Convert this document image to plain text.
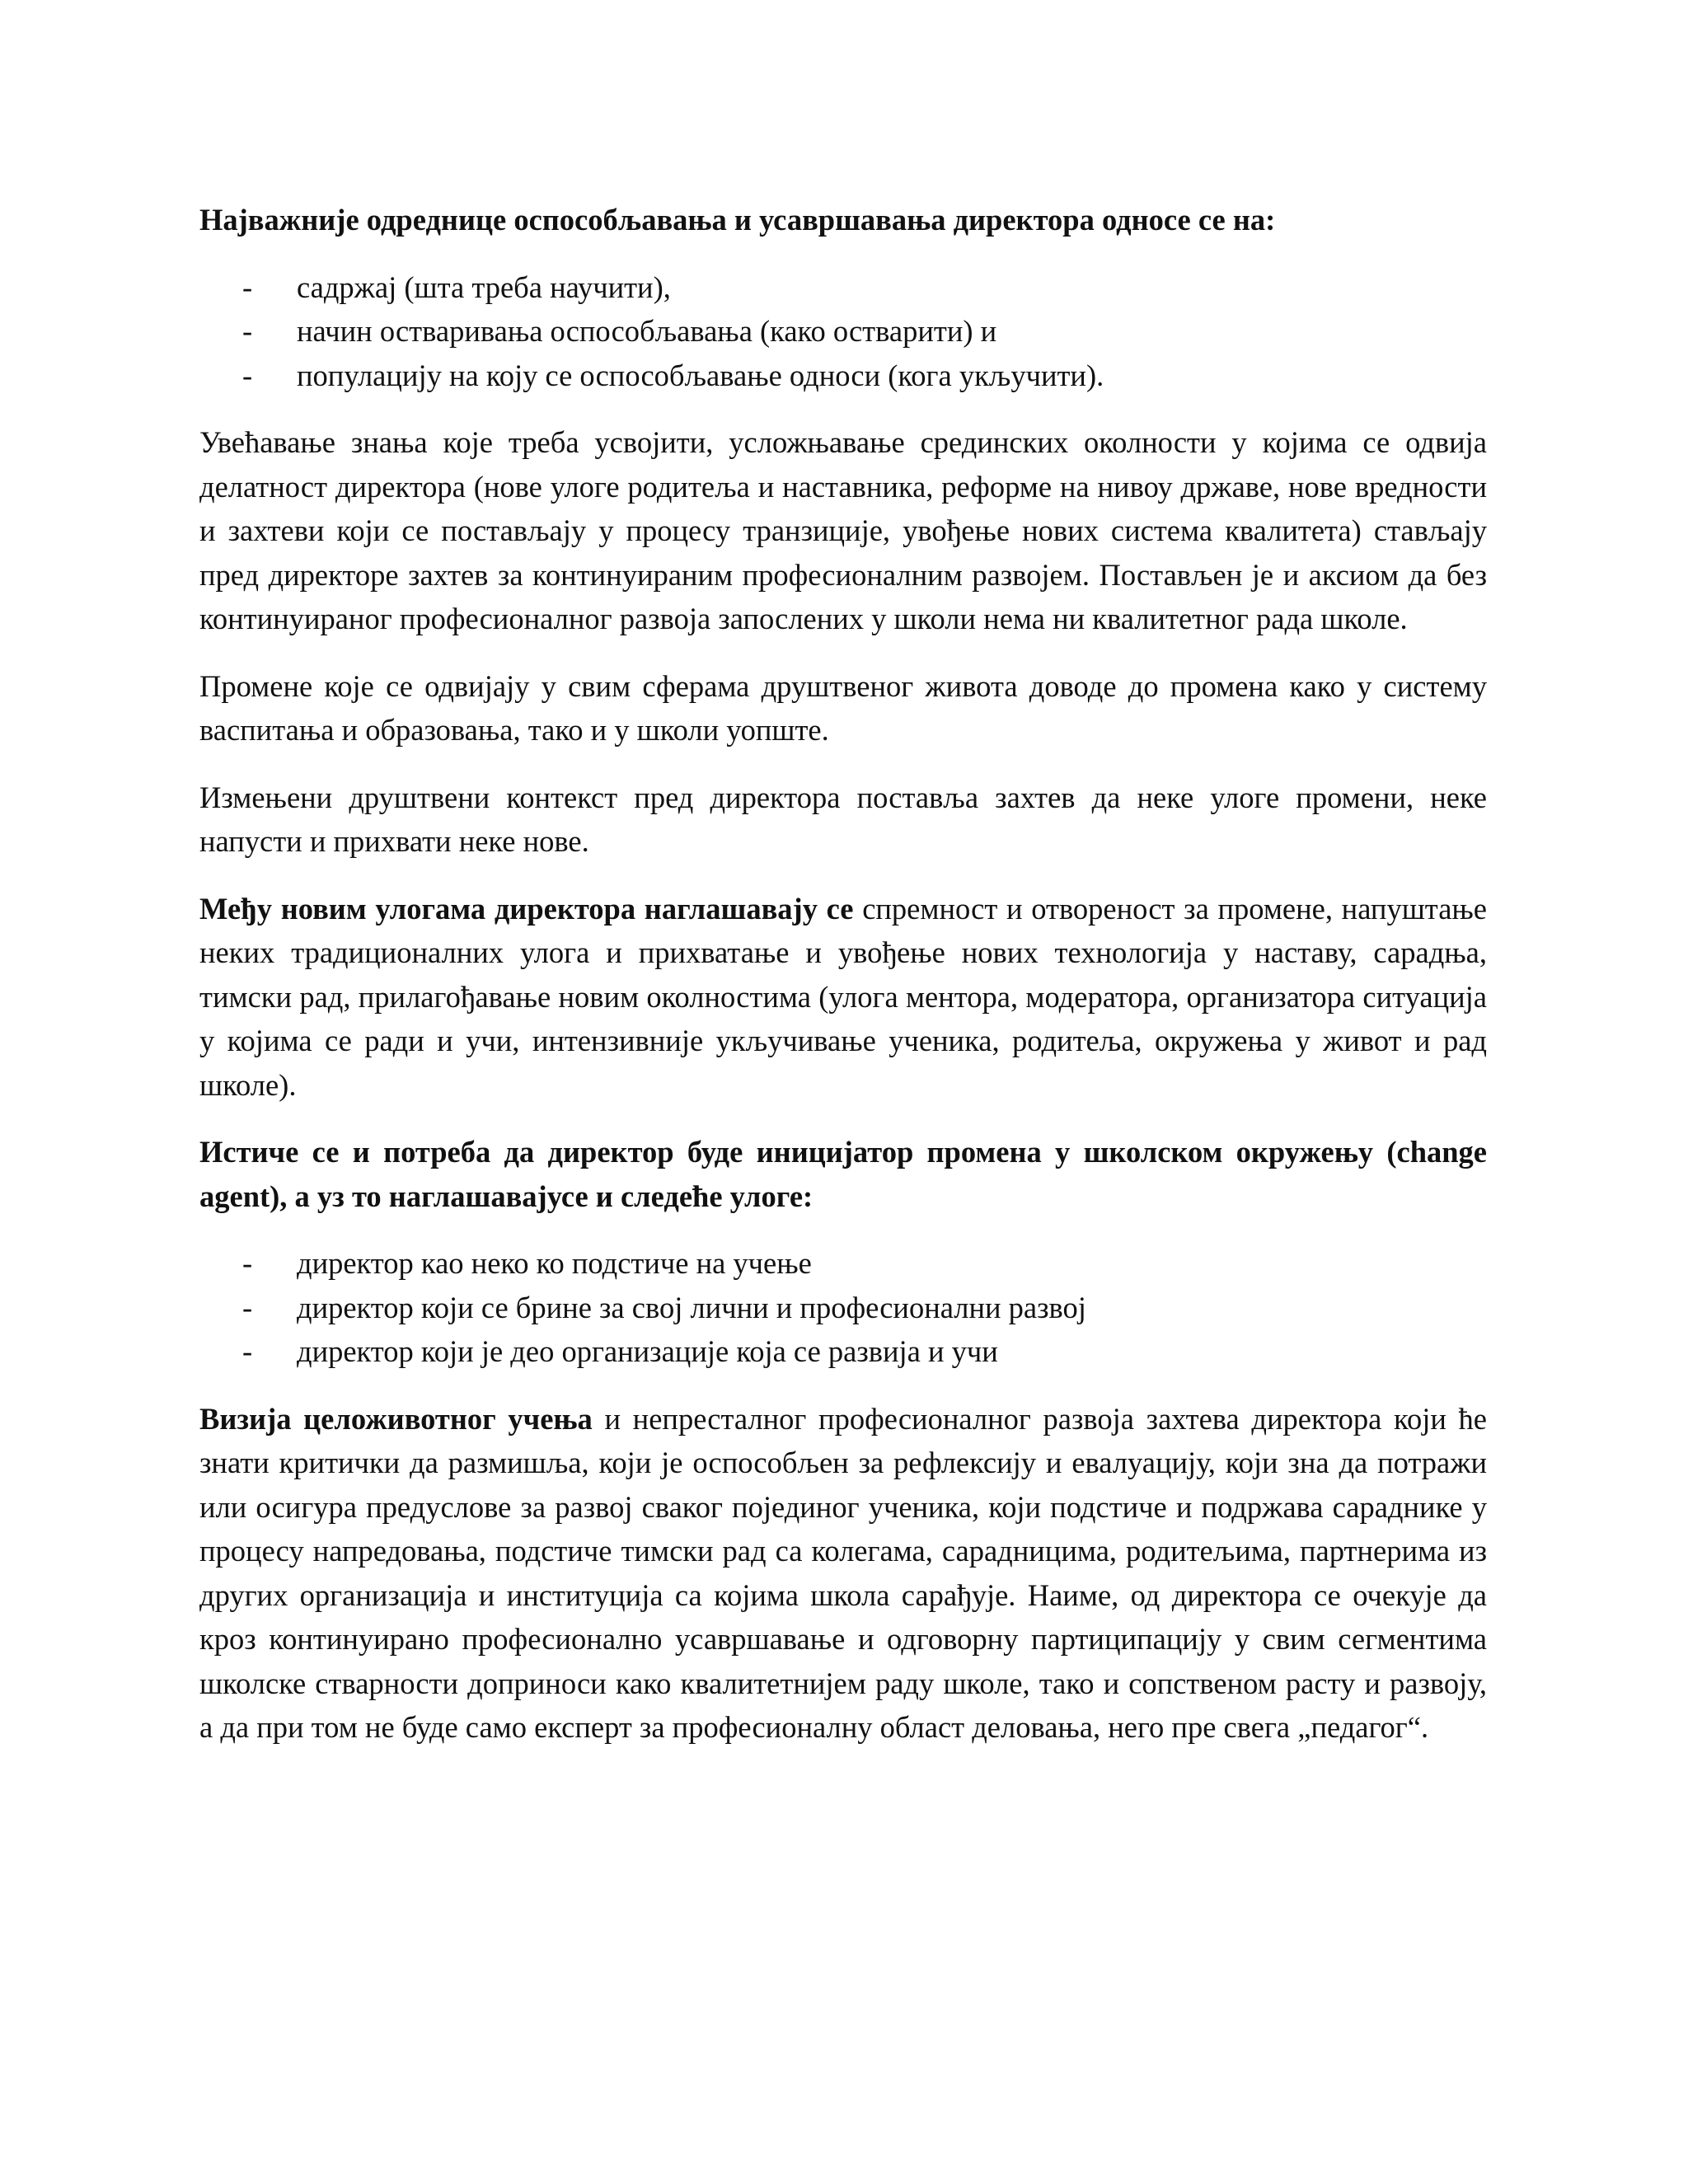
Најважније одреднице оспособљавања и усавршавања директора односе се на:

- садржај (шта треба научити),
- начин остваривања оспособљавања (како остварити) и
- популацију на коју се оспособљавање односи (кога укључити).

Увећавање знања које треба усвојити, усложњавање срединских околности у којима се одвија делатност директора (нове улоге родитеља и наставника, реформе на нивоу државе, нове вредности и захтеви који се постављају у процесу транзиције, увођење нових система квалитета) стављају пред директоре захтев за континуираним професионалним развојем. Постављен је и аксиом да без континуираног професионалног развоја запослених у школи нема ни квалитетног рада школе.

Промене које се одвијају у свим сферама друштвеног живота доводе до промена како у систему васпитања и образовања, тако и у школи уопште.

Измењени друштвени контекст пред директора поставља захтев да неке улоге промени, неке напусти и прихвати неке нове.

Међу новим улогама директора наглашавају се спремност и отвореност за промене, напуштање неких традиционалних улога и прихватање и увођење нових технологија у наставу, сарадња, тимски рад, прилагођавање новим околностима (улога ментора, модератора, организатора ситуација у којима се ради и учи, интензивније укључивање ученика, родитеља, окружења у живот и рад школе).

Истиче се и потреба да директор буде иницијатор промена у школском окружењу (change agent), а уз то наглашавајусе и следеће улоге:

- директор као неко ко подстиче на учење
- директор који се брине за свој лични и професионални развој
- директор који је део организације која се развија и учи

Визија целоживотног учења и непресталног професионалног развоја захтева директора који ће знати критички да размишља, који је оспособљен за рефлексију и евалуацију, који зна да потражи или осигура предуслове за развој сваког појединог ученика, који подстиче и подржава сараднике у процесу напредовања, подстиче тимски рад са колегама, сарадницима, родитељима, партнерима из других организација и институција са којима школа сарађује. Наиме, од директора се очекује да кроз континуирано професионално усавршавање и одговорну партиципацију у свим сегментима школске стварности доприноси како квалитетнијем раду школе, тако и сопственом расту и развоју, а да при том не буде само експерт за професионалну област деловања, него пре свега „педагог“.
